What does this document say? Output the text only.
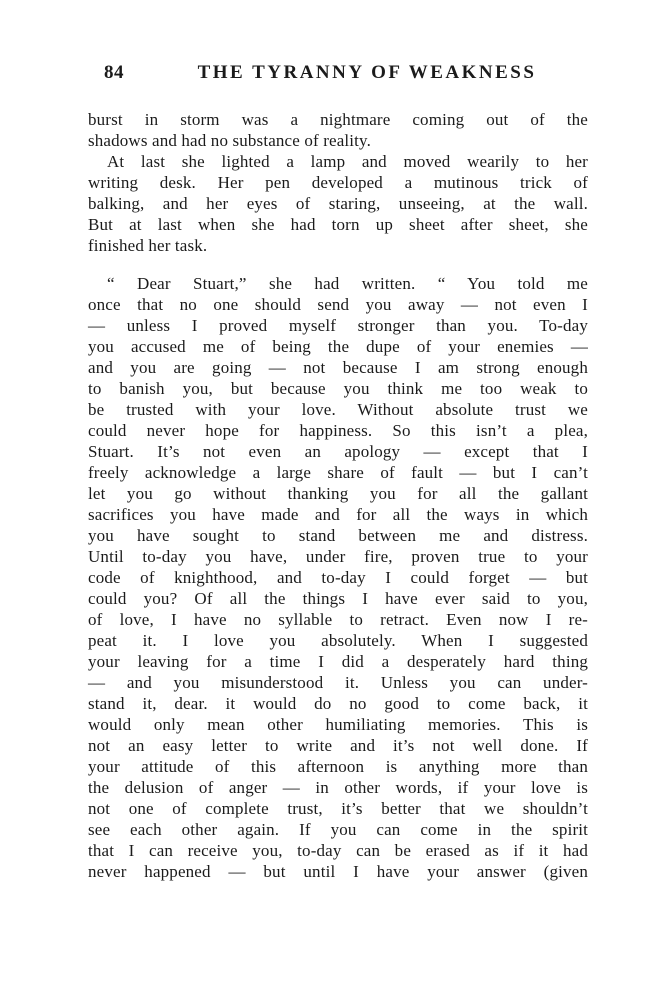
84	THE TYRANNY OF WEAKNESS
burst in storm was a nightmare coming out of the
shadows and had no substance of reality.
At last she lighted a lamp and moved wearily to her
writing desk. Her pen developed a mutinous trick of
balking, and her eyes of staring, unseeing, at the wall.
But at last when she had torn up sheet after sheet, she
finished her task.
“ Dear Stuart,” she had written. “ You told me
once that no one should send you away — not even I
— unless I proved myself stronger than you. To-day
you accused me of being the dupe of your enemies —
and you are going — not because I am strong enough
to banish you, but because you think me too weak to
be trusted with your love. Without absolute trust we
could never hope for happiness. So this isn’t a plea,
Stuart. It’s not even an apology — except that I
freely acknowledge a large share of fault — but I can’t
let you go without thanking you for all the gallant
sacrifices you have made and for all the ways in which
you have sought to stand between me and distress.
Until to-day you have, under fire, proven true to your
code of knighthood, and to-day I could forget — but
could you? Of all the things I have ever said to you,
of love, I have no syllable to retract. Even now I re-
peat it. I love you absolutely. When I suggested
your leaving for a time I did a desperately hard thing
— and you misunderstood it. Unless you can under-
stand it, dear. it would do no good to come back, it
would only mean other humiliating memories. This is
not an easy letter to write and it’s not well done. If
your attitude of this afternoon is anything more than
the delusion of anger — in other words, if your love is
not one of complete trust, it’s better that we shouldn’t
see each other again. If you can come in the spirit
that I can receive you, to-day can be erased as if it had
never happened — but until I have your answer (given
